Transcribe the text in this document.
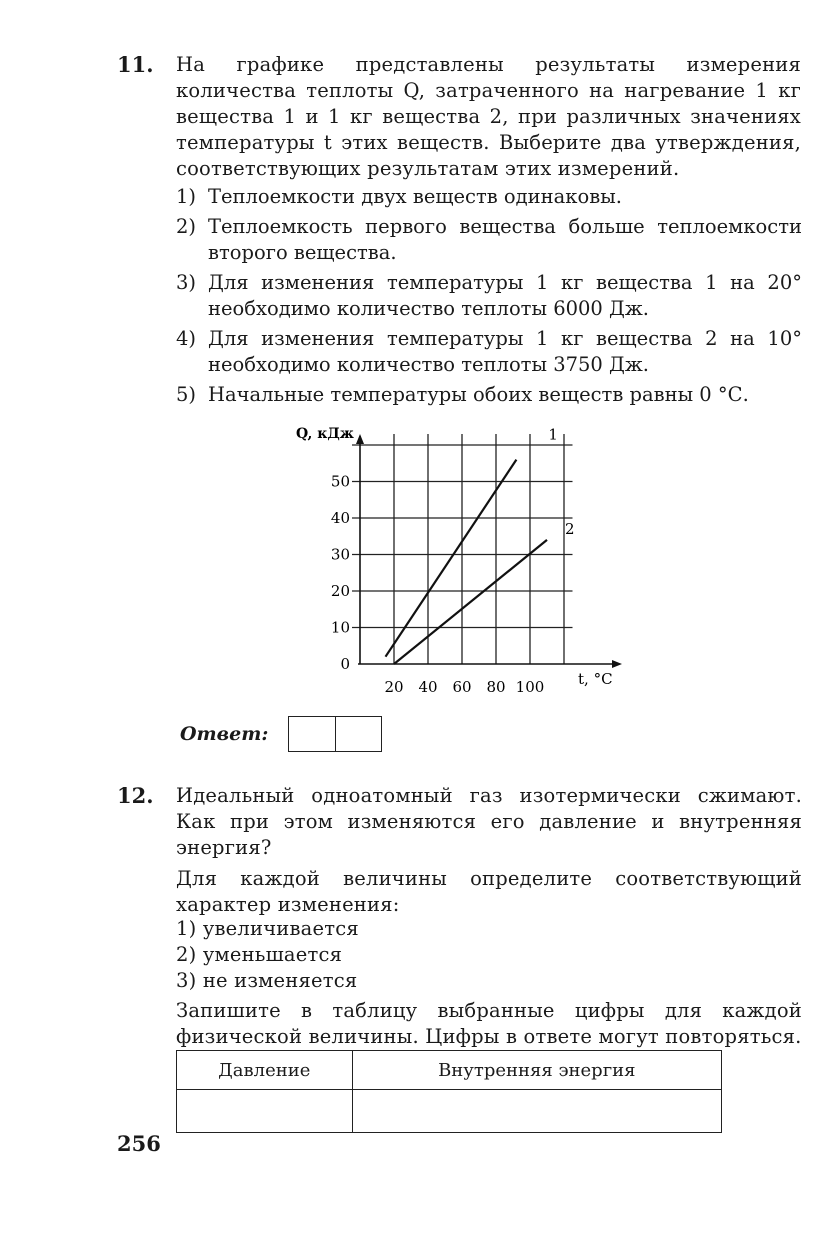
11. На графике представлены результаты измерения количества теплоты Q, затраченного на нагревание 1 кг вещества 1 и 1 кг вещества 2, при различных значениях температуры t этих веществ. Выберите два утверждения, соответствующих результатам этих измерений.
1) Теплоемкости двух веществ одинаковы.
2) Теплоемкость первого вещества больше теплоемкости второго вещества.
3) Для изменения температуры 1 кг вещества 1 на 20° необходимо количество теплоты 6000 Дж.
4) Для изменения температуры 1 кг вещества 2 на 10° необходимо количество теплоты 3750 Дж.
5) Начальные температуры обоих веществ равны 0 °С.
0
10
20
30
40
50
20 40 60 80 100
1
2
Q, кДж
t, °С
Ответ:
12. Идеальный одноатомный газ изотермически сжимают. Как при этом изменяются его давление и внутренняя энергия?
Для каждой величины определите соответствующий характер изменения:
1) увеличивается
2) уменьшается
3) не изменяется
Запишите в таблицу выбранные цифры для каждой физической величины. Цифры в ответе могут повторяться.
Давление	Внутренняя энергия

256
